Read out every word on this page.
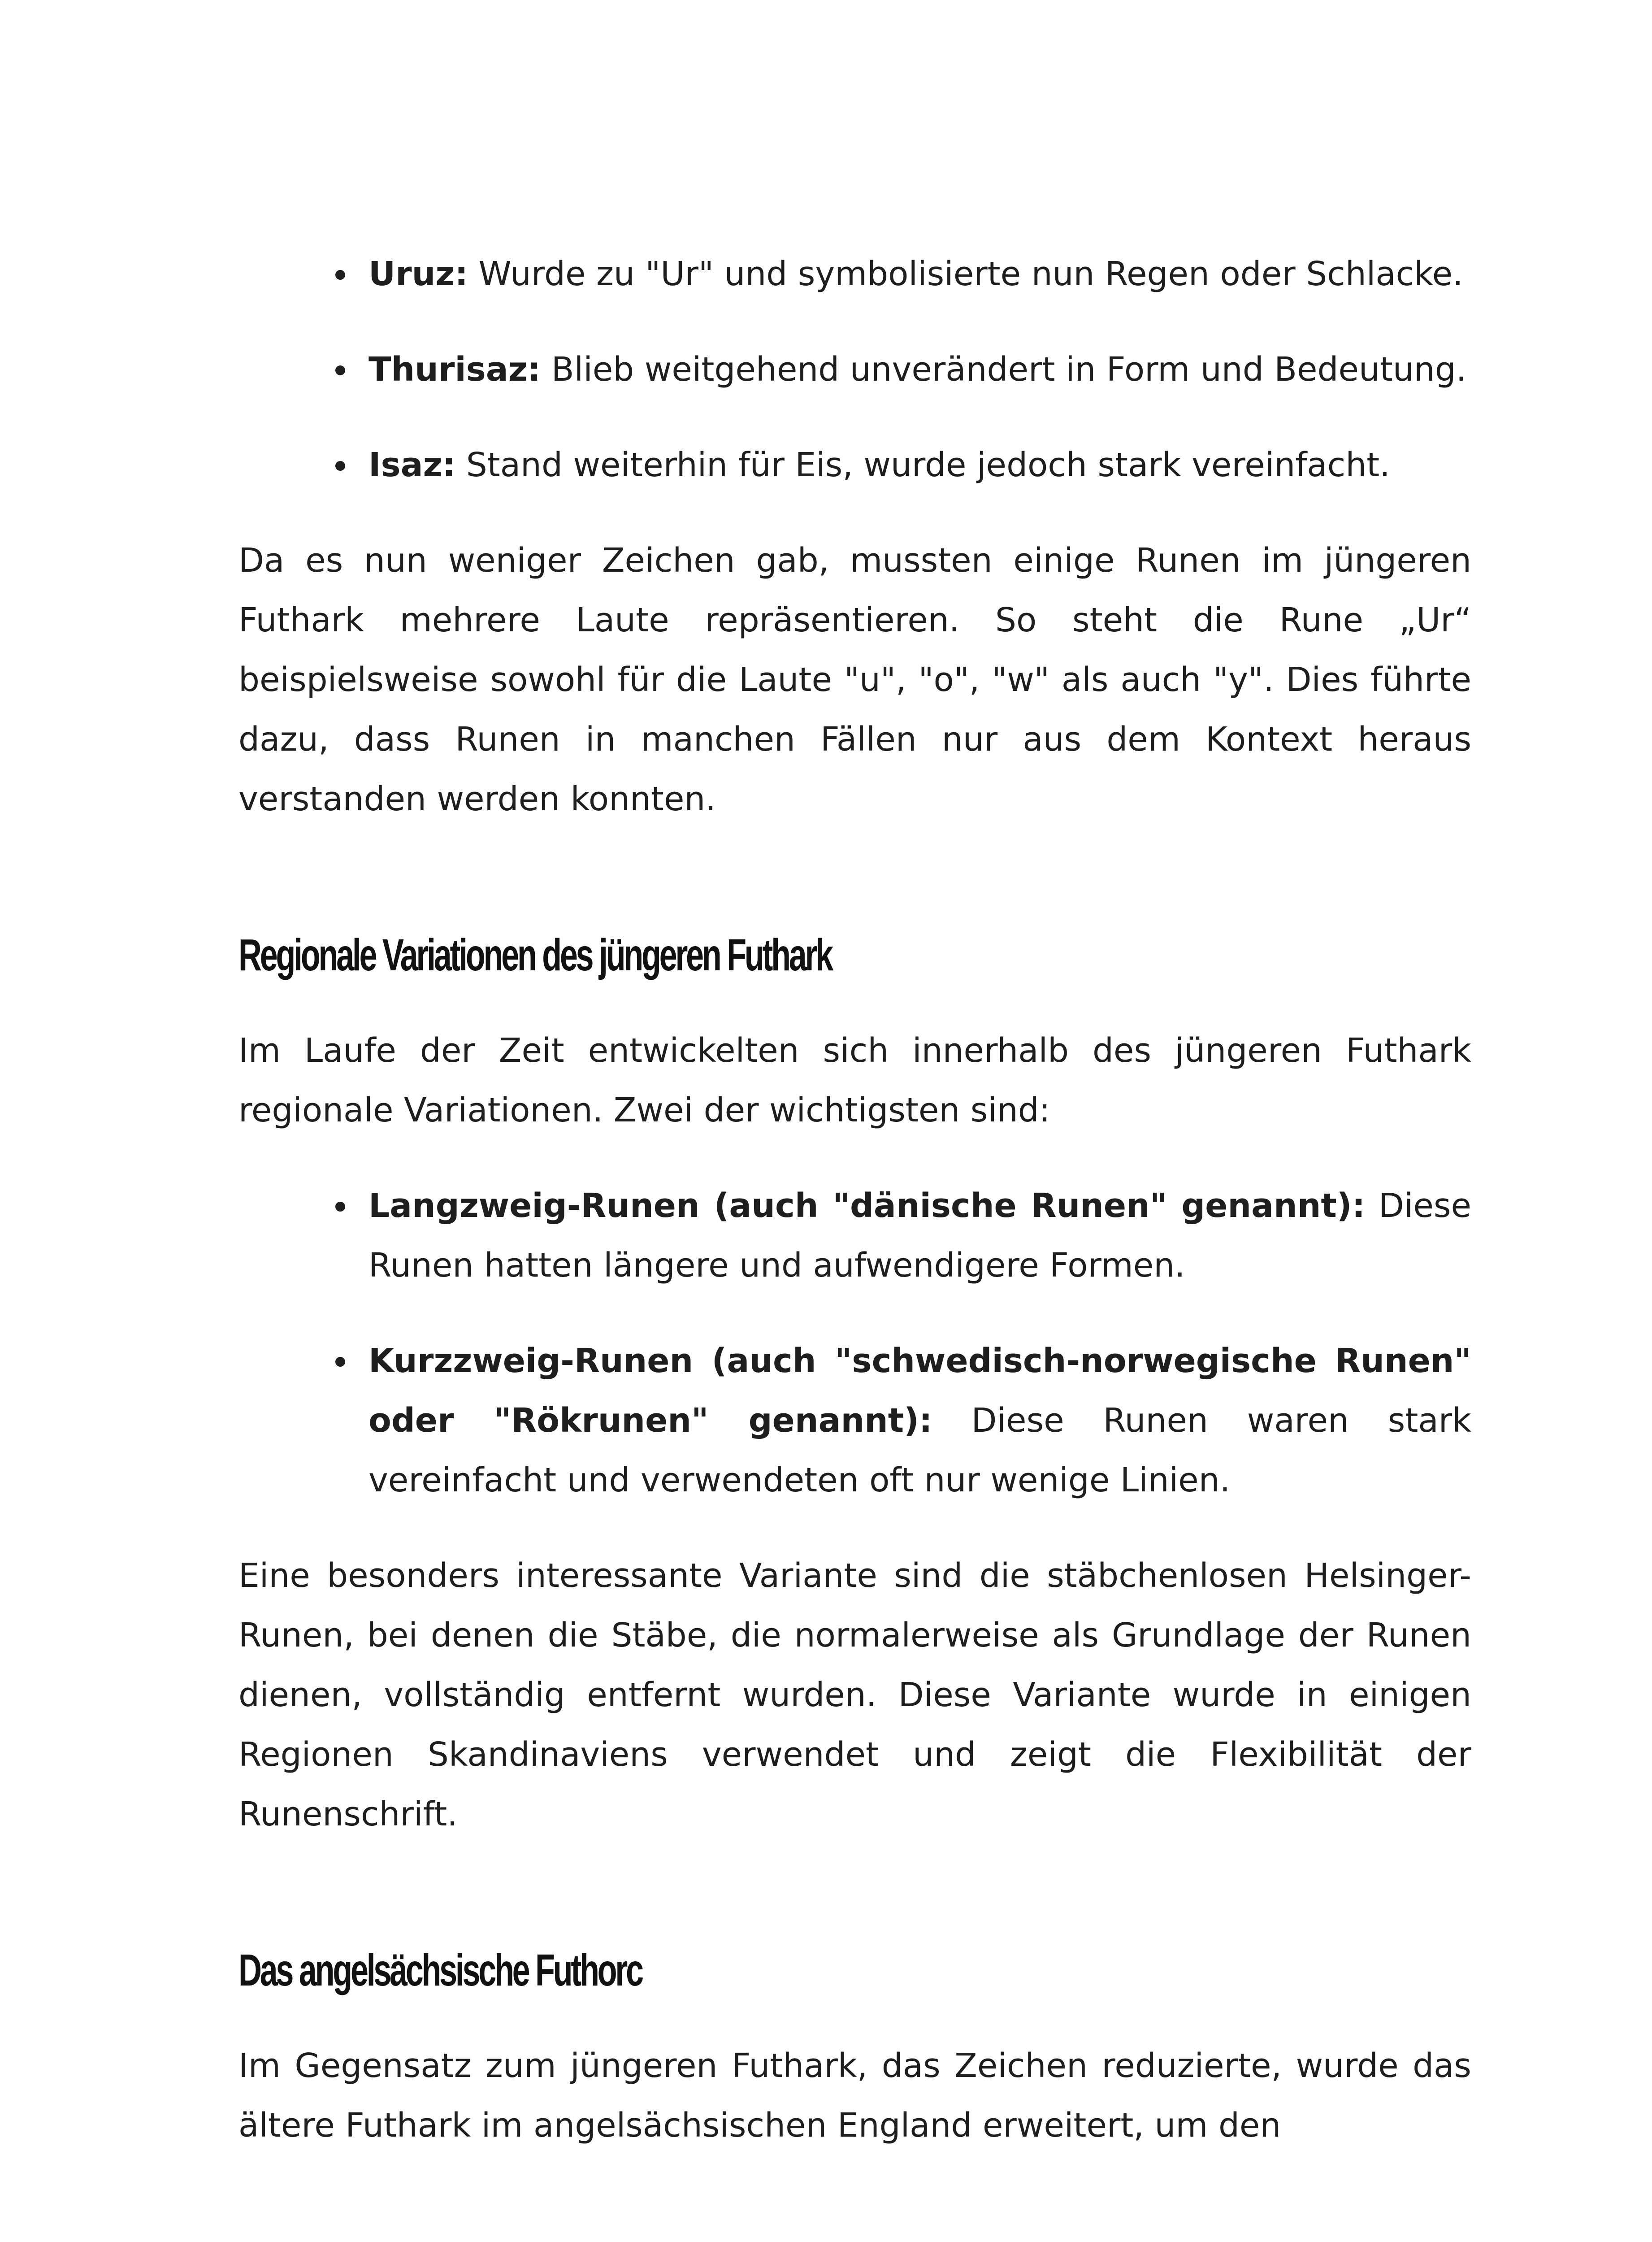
Uruz: Wurde zu "Ur" und symbolisierte nun Regen oder Schlacke.
Thurisaz: Blieb weitgehend unverändert in Form und Bedeutung.
Isaz: Stand weiterhin für Eis, wurde jedoch stark vereinfacht.

Da es nun weniger Zeichen gab, mussten einige Runen im jüngeren Futhark mehrere Laute repräsentieren. So steht die Rune „Ur“ beispielsweise sowohl für die Laute "u", "o", "w" als auch "y". Dies führte dazu, dass Runen in manchen Fällen nur aus dem Kontext heraus verstanden werden konnten.

Regionale Variationen des jüngeren Futhark

Im Laufe der Zeit entwickelten sich innerhalb des jüngeren Futhark regionale Variationen. Zwei der wichtigsten sind:

Langzweig-Runen (auch "dänische Runen" genannt): Diese Runen hatten längere und aufwendigere Formen.
Kurzzweig-Runen (auch "schwedisch-norwegische Runen" oder "Rökrunen" genannt): Diese Runen waren stark vereinfacht und verwendeten oft nur wenige Linien.

Eine besonders interessante Variante sind die stäbchenlosen Helsinger-Runen, bei denen die Stäbe, die normalerweise als Grundlage der Runen dienen, vollständig entfernt wurden. Diese Variante wurde in einigen Regionen Skandinaviens verwendet und zeigt die Flexibilität der Runenschrift.

Das angelsächsische Futhorc

Im Gegensatz zum jüngeren Futhark, das Zeichen reduzierte, wurde das ältere Futhark im angelsächsischen England erweitert, um den
